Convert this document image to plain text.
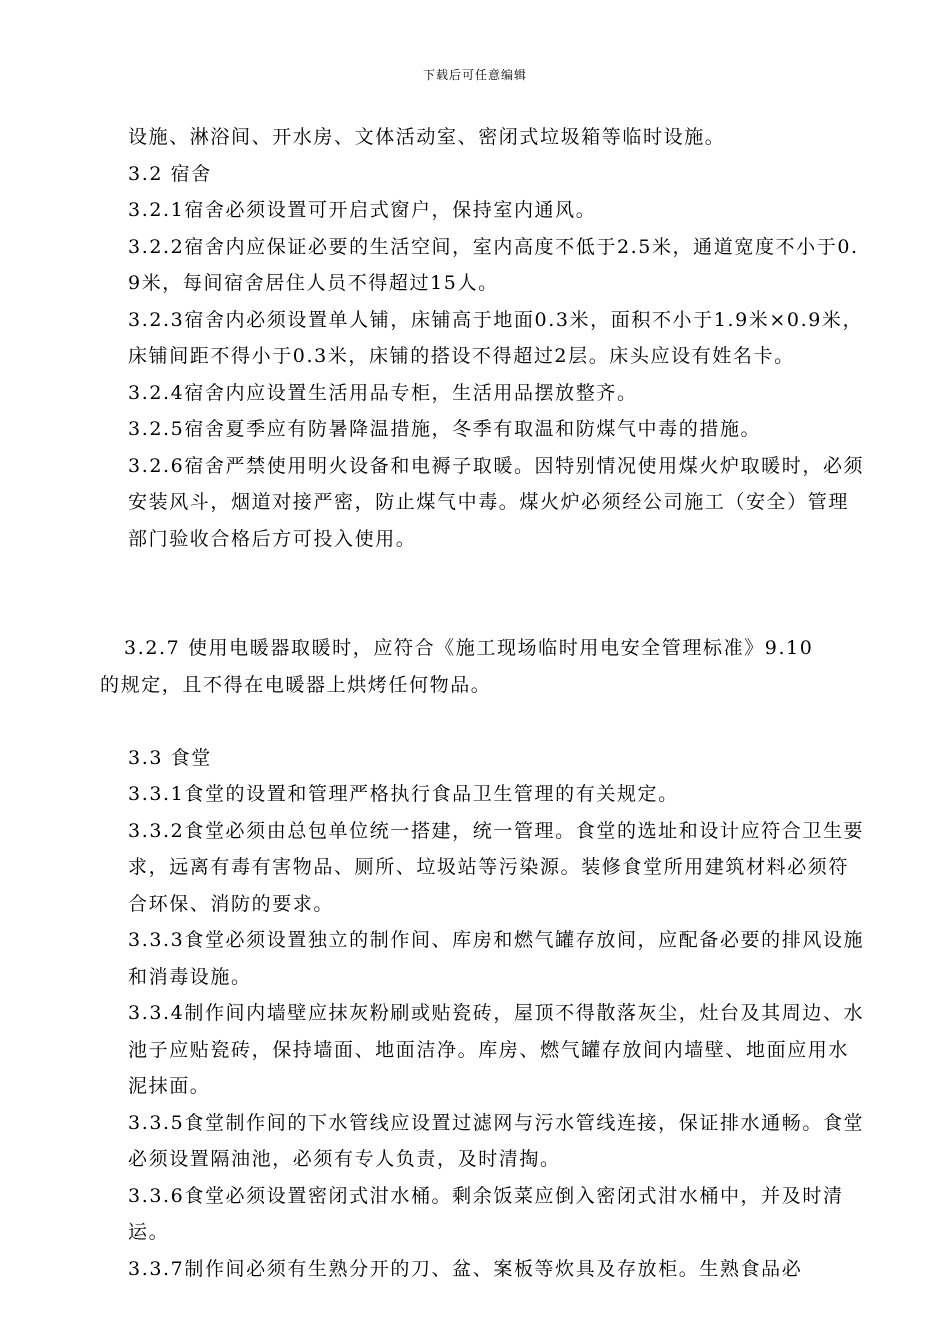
下载后可任意编辑

设施、淋浴间、开水房、文体活动室、密闭式垃圾箱等临时设施。

3.2 宿舍

3.2.1宿舍必须设置可开启式窗户，保持室内通风。

3.2.2宿舍内应保证必要的生活空间，室内高度不低于2.5米，通道宽度不小于0.9米，每间宿舍居住人员不得超过15人。

3.2.3宿舍内必须设置单人铺，床铺高于地面0.3米，面积不小于1.9米×0.9米，床铺间距不得小于0.3米，床铺的搭设不得超过2层。床头应设有姓名卡。

3.2.4宿舍内应设置生活用品专柜，生活用品摆放整齐。

3.2.5宿舍夏季应有防暑降温措施，冬季有取温和防煤气中毒的措施。

3.2.6宿舍严禁使用明火设备和电褥子取暖。因特别情况使用煤火炉取暖时，必须安装风斗，烟道对接严密，防止煤气中毒。煤火炉必须经公司施工（安全）管理部门验收合格后方可投入使用。

3.2.7 使用电暖器取暖时，应符合《施工现场临时用电安全管理标准》9.10
的规定，且不得在电暖器上烘烤任何物品。

3.3 食堂

3.3.1食堂的设置和管理严格执行食品卫生管理的有关规定。

3.3.2食堂必须由总包单位统一搭建，统一管理。食堂的选址和设计应符合卫生要求，远离有毒有害物品、厕所、垃圾站等污染源。装修食堂所用建筑材料必须符合环保、消防的要求。

3.3.3食堂必须设置独立的制作间、库房和燃气罐存放间，应配备必要的排风设施和消毒设施。

3.3.4制作间内墙壁应抹灰粉刷或贴瓷砖，屋顶不得散落灰尘，灶台及其周边、水池子应贴瓷砖，保持墙面、地面洁净。库房、燃气罐存放间内墙壁、地面应用水泥抹面。

3.3.5食堂制作间的下水管线应设置过滤网与污水管线连接，保证排水通畅。食堂必须设置隔油池，必须有专人负责，及时清掏。

3.3.6食堂必须设置密闭式泔水桶。剩余饭菜应倒入密闭式泔水桶中，并及时清运。

3.3.7制作间必须有生熟分开的刀、盆、案板等炊具及存放柜。生熟食品必
